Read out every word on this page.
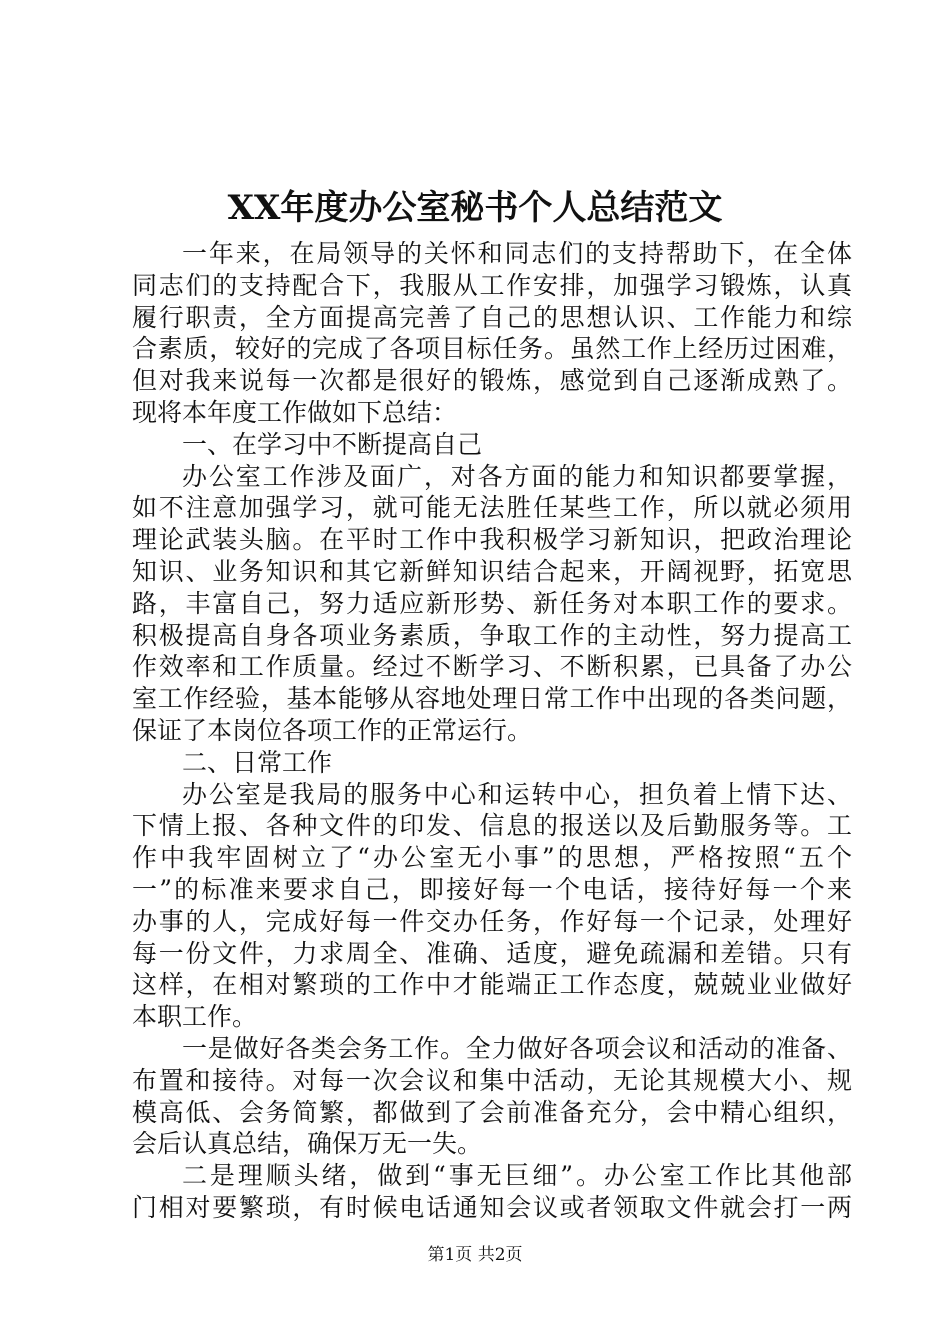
XX年度办公室秘书个人总结范文
一年来，在局领导的关怀和同志们的支持帮助下，在全体
同志们的支持配合下，我服从工作安排，加强学习锻炼，认真
履行职责，全方面提高完善了自己的思想认识、工作能力和综
合素质，较好的完成了各项目标任务。虽然工作上经历过困难，
但对我来说每一次都是很好的锻炼，感觉到自己逐渐成熟了。
现将本年度工作做如下总结：
一、在学习中不断提高自己
办公室工作涉及面广，对各方面的能力和知识都要掌握，
如不注意加强学习，就可能无法胜任某些工作，所以就必须用
理论武装头脑。在平时工作中我积极学习新知识，把政治理论
知识、业务知识和其它新鲜知识结合起来，开阔视野，拓宽思
路，丰富自己，努力适应新形势、新任务对本职工作的要求。
积极提高自身各项业务素质，争取工作的主动性，努力提高工
作效率和工作质量。经过不断学习、不断积累，已具备了办公
室工作经验，基本能够从容地处理日常工作中出现的各类问题，
保证了本岗位各项工作的正常运行。
二、日常工作
办公室是我局的服务中心和运转中心，担负着上情下达、
下情上报、各种文件的印发、信息的报送以及后勤服务等。工
作中我牢固树立了“办公室无小事”的思想，严格按照“五个
一”的标准来要求自己，即接好每一个电话，接待好每一个来
办事的人，完成好每一件交办任务，作好每一个记录，处理好
每一份文件，力求周全、准确、适度，避免疏漏和差错。只有
这样，在相对繁琐的工作中才能端正工作态度，兢兢业业做好
本职工作。
一是做好各类会务工作。全力做好各项会议和活动的准备、
布置和接待。对每一次会议和集中活动，无论其规模大小、规
模高低、会务简繁，都做到了会前准备充分，会中精心组织，
会后认真总结，确保万无一失。
二是理顺头绪，做到“事无巨细”。办公室工作比其他部
门相对要繁琐，有时候电话通知会议或者领取文件就会打一两
第1页 共2页
